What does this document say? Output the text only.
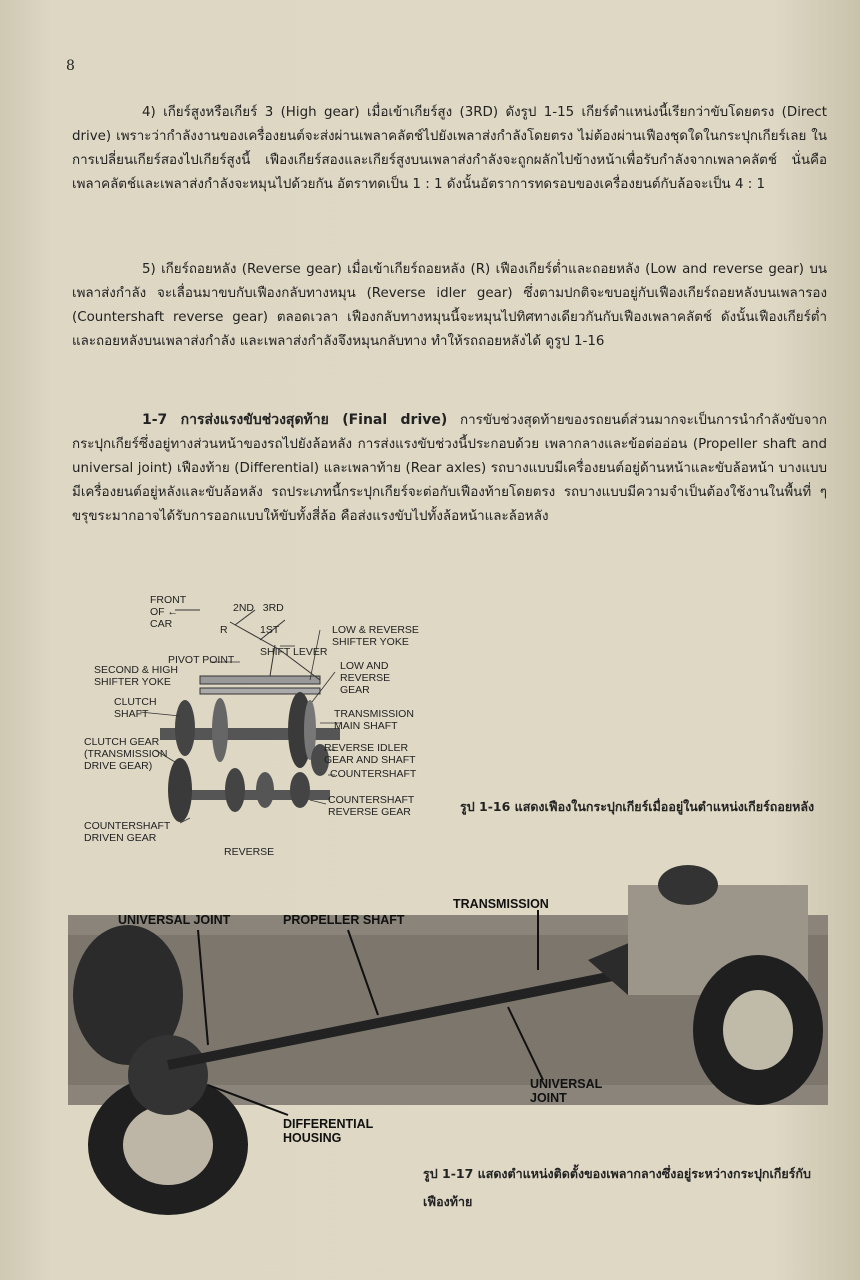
8

4) เกียร์สูงหรือเกียร์ 3 (High gear) เมื่อเข้าเกียร์สูง (3RD) ดังรูป 1-15 เกียร์ตำแหน่งนี้เรียกว่าขับโดยตรง (Direct drive) เพราะว่ากำลังงานของเครื่องยนต์จะส่งผ่านเพลาคลัตช์ไปยังเพลาส่งกำลังโดยตรง ไม่ต้องผ่านเฟืองชุดใดในกระปุกเกียร์เลย ในการเปลี่ยนเกียร์สองไปเกียร์สูงนี้ เฟืองเกียร์สองและเกียร์สูงบนเพลาส่งกำลังจะถูกผลักไปข้างหน้าเพื่อรับกำลังจากเพลาคลัตช์ นั่นคือเพลาคลัตช์และเพลาส่งกำลังจะหมุนไปด้วยกัน อัตราทดเป็น 1 : 1 ดังนั้นอัตราการทดรอบของเครื่องยนต์กับล้อจะเป็น 4 : 1

5) เกียร์ถอยหลัง (Reverse gear) เมื่อเข้าเกียร์ถอยหลัง (R) เฟืองเกียร์ต่ำและถอยหลัง (Low and reverse gear) บนเพลาส่งกำลัง จะเลื่อนมาขบกับเฟืองกลับทางหมุน (Reverse idler gear) ซึ่งตามปกติจะขบอยู่กับเฟืองเกียร์ถอยหลังบนเพลารอง (Countershaft reverse gear) ตลอดเวลา เฟืองกลับทางหมุนนี้จะหมุนไปทิศทางเดียวกันกับเฟืองเพลาคลัตช์ ดังนั้นเฟืองเกียร์ต่ำและถอยหลังบนเพลาส่งกำลัง และเพลาส่งกำลังจึงหมุนกลับทาง ทำให้รถถอยหลังได้ ดูรูป 1-16

1-7 การส่งแรงขับช่วงสุดท้าย (Final drive) การขับช่วงสุดท้ายของรถยนต์ส่วนมากจะเป็นการนำกำลังขับจากกระปุกเกียร์ซึ่งอยู่ทางส่วนหน้าของรถไปยังล้อหลัง การส่งแรงขับช่วงนี้ประกอบด้วย เพลากลางและข้อต่ออ่อน (Propeller shaft and universal joint) เฟืองท้าย (Differential) และเพลาท้าย (Rear axles) รถบางแบบมีเครื่องยนต์อยู่ด้านหน้าและขับล้อหน้า บางแบบมีเครื่องยนต์อยู่หลังและขับล้อหลัง รถประเภทนี้กระปุกเกียร์จะต่อกับเฟืองท้ายโดยตรง รถบางแบบมีความจำเป็นต้องใช้งานในพื้นที่ ๆ ขรุขระมากอาจได้รับการออกแบบให้ขับทั้งสี่ล้อ คือส่งแรงขับไปทั้งล้อหน้าและล้อหลัง

FRONT
OF ←
CAR
2ND   3RD
R	1ST	LOW & REVERSE
SHIFTER YOKE
SHIFT LEVER
PIVOT POINT
SECOND & HIGH
SHIFTER YOKE
LOW AND
REVERSE
GEAR
CLUTCH
SHAFT	TRANSMISSION
MAIN SHAFT
CLUTCH GEAR
(TRANSMISSION
DRIVE GEAR)
REVERSE IDLER
GEAR AND SHAFT
COUNTERSHAFT
COUNTERSHAFT
REVERSE GEAR
COUNTERSHAFT
DRIVEN GEAR
REVERSE
รูป 1-16 แสดงเฟืองในกระปุกเกียร์เมื่ออยู่ในตำแหน่งเกียร์ถอยหลัง
UNIVERSAL JOINT	PROPELLER SHAFT
TRANSMISSION
UNIVERSAL
JOINT
DIFFERENTIAL
HOUSING
รูป 1-17 แสดงตำแหน่งติดตั้งของเพลากลางซึ่งอยู่ระหว่างกระปุกเกียร์กับเฟืองท้าย
